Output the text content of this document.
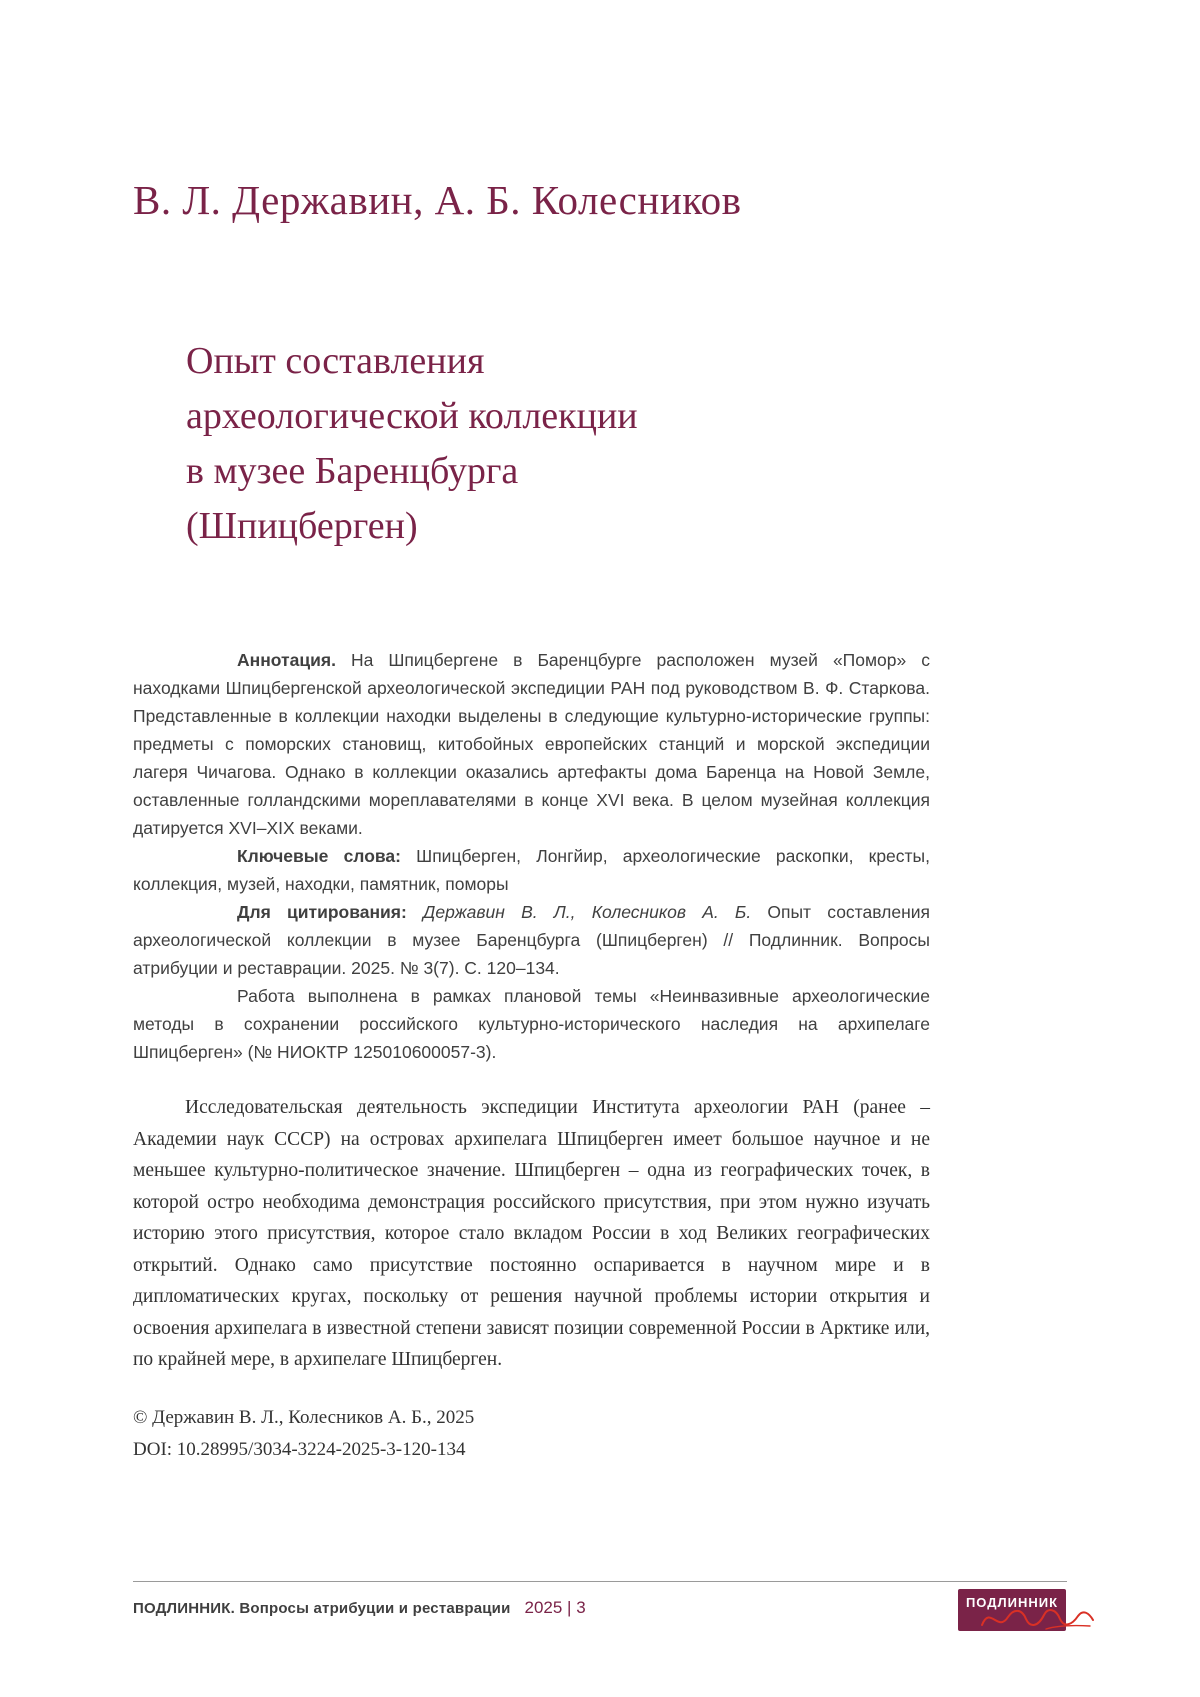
В. Л. Державин, А. Б. Колесников
Опыт составления
археологической коллекции
в музее Баренцбурга
(Шпицберген)

Аннотация. На Шпицбергене в Баренцбурге расположен музей «Помор» с находками Шпицбергенской археологической экспедиции РАН под руководством В. Ф. Старкова. Представленные в коллекции находки выделены в следующие культурно-исторические группы: предметы с поморских становищ, китобойных европейских станций и морской экспедиции лагеря Чичагова. Однако в коллекции оказались артефакты дома Баренца на Новой Земле, оставленные голландскими мореплавателями в конце XVI века. В целом музейная коллекция датируется XVI–XIX веками.

Ключевые слова: Шпицберген, Лонгйир, археологические раскопки, кресты, коллекция, музей, находки, памятник, поморы

Для цитирования: Державин В. Л., Колесников А. Б. Опыт составления археологической коллекции в музее Баренцбурга (Шпицберген) // Подлинник. Вопросы атрибуции и реставрации. 2025. № 3(7). С. 120–134.

Работа выполнена в рамках плановой темы «Неинвазивные археологические методы в сохранении российского культурно-исторического наследия на архипелаге Шпицберген» (№ НИОКТР 125010600057-3).

Исследовательская деятельность экспедиции Института археологии РАН (ранее – Академии наук СССР) на островах архипелага Шпицберген имеет большое научное и не меньшее культурно-политическое значение. Шпицберген – одна из географических точек, в которой остро необходима демонстрация российского присутствия, при этом нужно изучать историю этого присутствия, которое стало вкладом России в ход Великих географических открытий. Однако само присутствие постоянно оспаривается в научном мире и в дипломатических кругах, поскольку от решения научной проблемы истории открытия и освоения архипелага в известной степени зависят позиции современной России в Арктике или, по крайней мере, в архипелаге Шпицберген.

© Державин В. Л., Колесников А. Б., 2025
DOI: 10.28995/3034-3224-2025-3-120-134
ПОДЛИННИК. Вопросы атрибуции и реставрации 2025 | 3	ПОДЛИННИК
